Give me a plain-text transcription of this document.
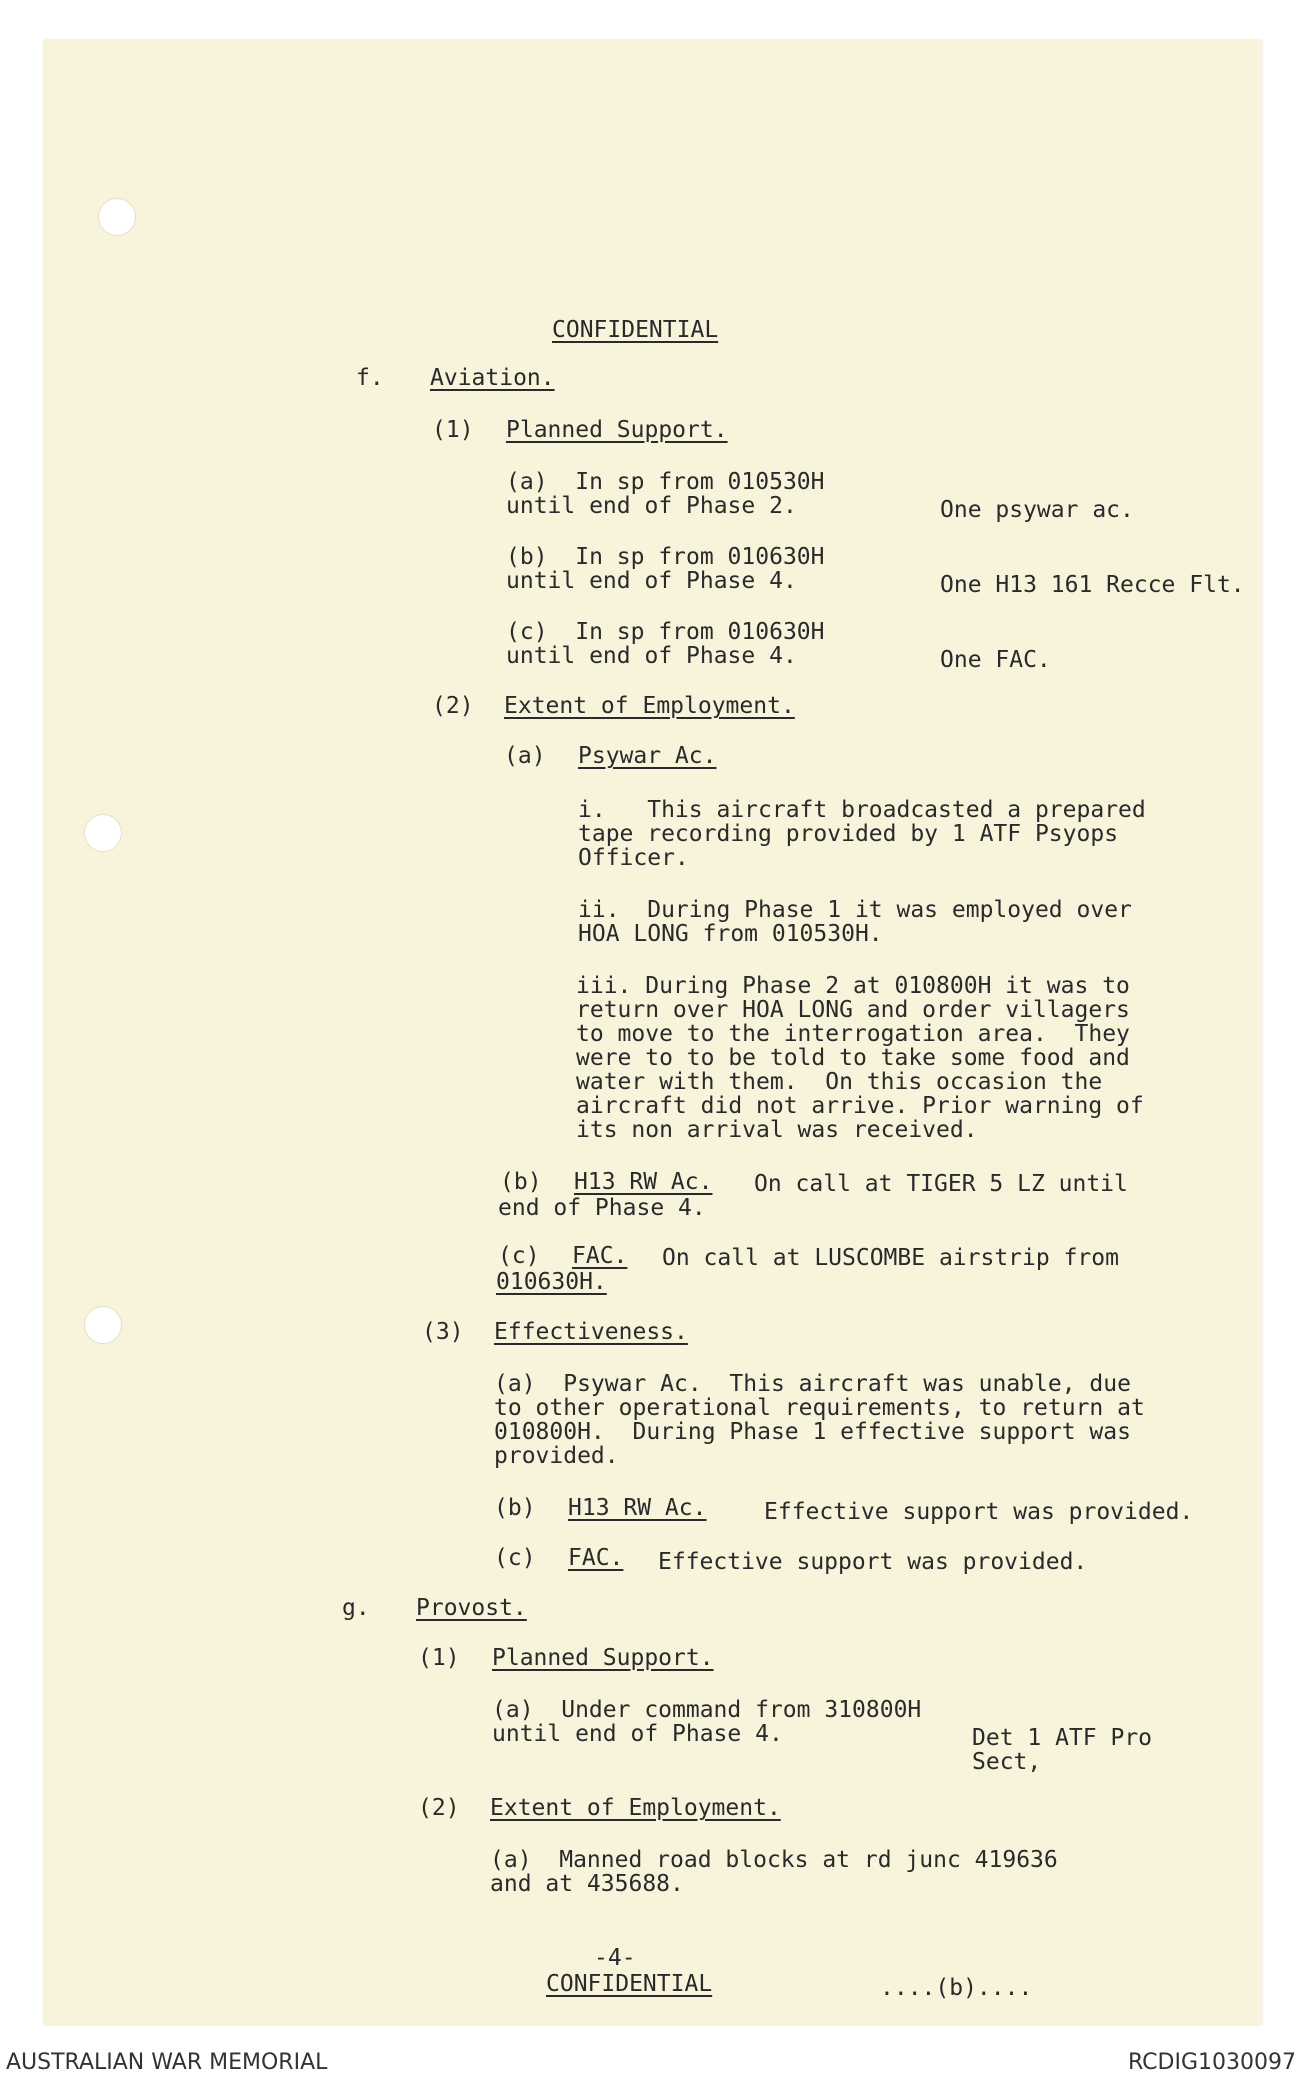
CONFIDENTIAL
f. Aviation.
(1) Planned Support.
(a)  In sp from 010530H
until end of Phase 2.	One psywar ac.
(b)  In sp from 010630H
until end of Phase 4.	One H13 161 Recce Flt.
(c)  In sp from 010630H
until end of Phase 4.	One FAC.
(2) Extent of Employment.
(a) Psywar Ac.
i.   This aircraft broadcasted a prepared
tape recording provided by 1 ATF Psyops
Officer.
ii.  During Phase 1 it was employed over
HOA LONG from 010530H.
iii. During Phase 2 at 010800H it was to
return over HOA LONG and order villagers
to move to the interrogation area.  They
were to to be told to take some food and
water with them.  On this occasion the
aircraft did not arrive. Prior warning of
its non arrival was received.
(b) H13 RW Ac. On call at TIGER 5 LZ until
end of Phase 4.
(c) FAC. On call at LUSCOMBE airstrip from
010630H.
(3) Effectiveness.
(a)  Psywar Ac.  This aircraft was unable, due
to other operational requirements, to return at
010800H.  During Phase 1 effective support was
provided.
(b) H13 RW Ac.	Effective support was provided.
(c) FAC. Effective support was provided.
g. Provost.
(1) Planned Support.
(a)  Under command from 310800H
until end of Phase 4.	Det 1 ATF Pro
Sect,
(2) Extent of Employment.
(a)  Manned road blocks at rd junc 419636
and at 435688.
-4-
CONFIDENTIAL	....(b)....
AUSTRALIAN WAR MEMORIAL	RCDIG1030097
